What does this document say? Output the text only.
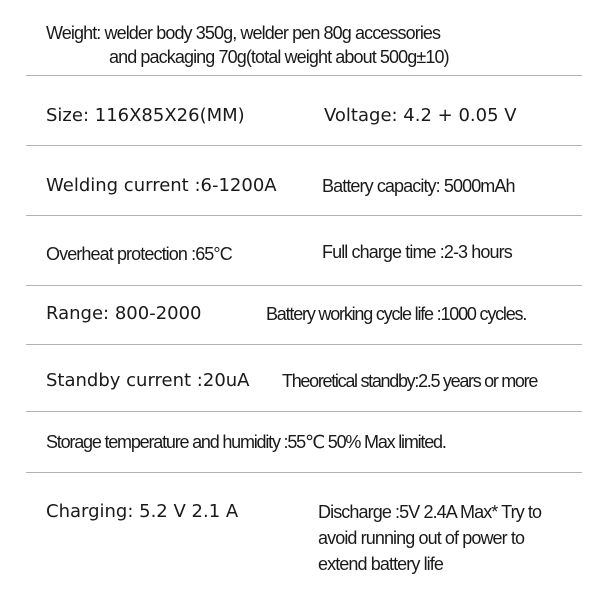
Weight: welder body 350g, welder pen 80g accessories
and packaging 70g(total weight about 500g±10)
Size: 116X85X26(MM)	Voltage: 4.2 + 0.05 V
Welding current :6-1200A	Battery capacity: 5000mAh
Overheat protection :65°C	Full charge time :2-3 hours
Range: 800-2000	Battery working cycle life :1000 cycles.
Standby current :20uA Theoretical standby:2.5 years or more
Storage temperature and humidity :55℃ 50% Max limited.
Charging: 5.2 V 2.1 A	Discharge :5V 2.4A Max* Try to
avoid running out of power to
extend battery life
